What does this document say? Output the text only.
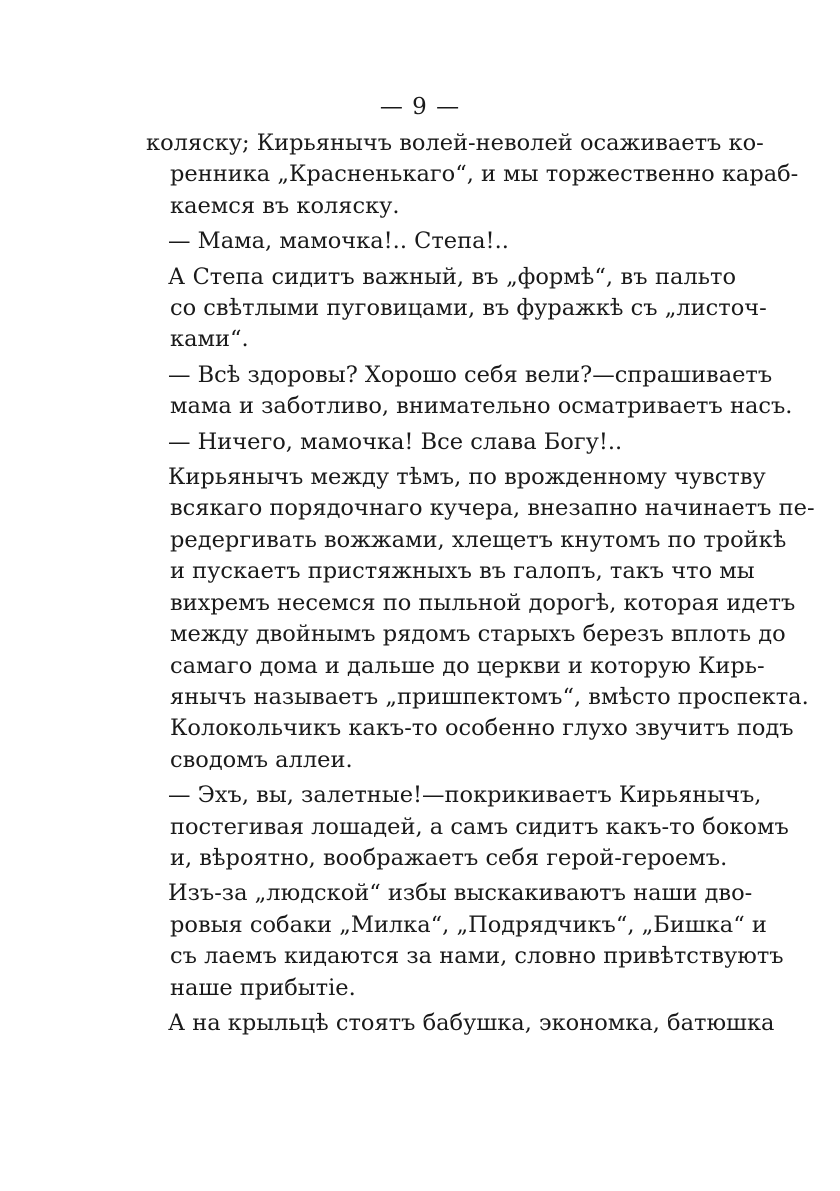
— 9 —
коляску; Кирьянычъ волей-неволей осаживаетъ ко-
ренника „Красненькаго“, и мы торжественно караб-
каемся въ коляску.
— Мама, мамочка!.. Степа!..
А Степа сидитъ важный, въ „формѣ“, въ пальто
со свѣтлыми пуговицами, въ фуражкѣ съ „листоч-
ками“.
— Всѣ здоровы? Хорошо себя вели?—спрашиваетъ
мама и заботливо, внимательно осматриваетъ насъ.
— Ничего, мамочка! Все слава Богу!..
Кирьянычъ между тѣмъ, по врожденному чувству
всякаго порядочнаго кучера, внезапно начинаетъ пе-
редергивать вожжами, хлещетъ кнутомъ по тройкѣ
и пускаетъ пристяжныхъ въ галопъ, такъ что мы
вихремъ несемся по пыльной дорогѣ, которая идетъ
между двойнымъ рядомъ старыхъ березъ вплоть до
самаго дома и дальше до церкви и которую Кирь-
янычъ называетъ „пришпектомъ“, вмѣсто проспекта.
Колокольчикъ какъ-то особенно глухо звучитъ подъ
сводомъ аллеи.
— Эхъ, вы, залетные!—покрикиваетъ Кирьянычъ,
постегивая лошадей, а самъ сидитъ какъ-то бокомъ
и, вѣроятно, воображаетъ себя герой-героемъ.
Изъ-за „людской“ избы выскакиваютъ наши дво-
ровыя собаки „Милка“, „Подрядчикъ“, „Бишка“ и
съ лаемъ кидаются за нами, словно привѣтствуютъ
наше прибытіе.
А на крыльцѣ стоятъ бабушка, экономка, батюшка
